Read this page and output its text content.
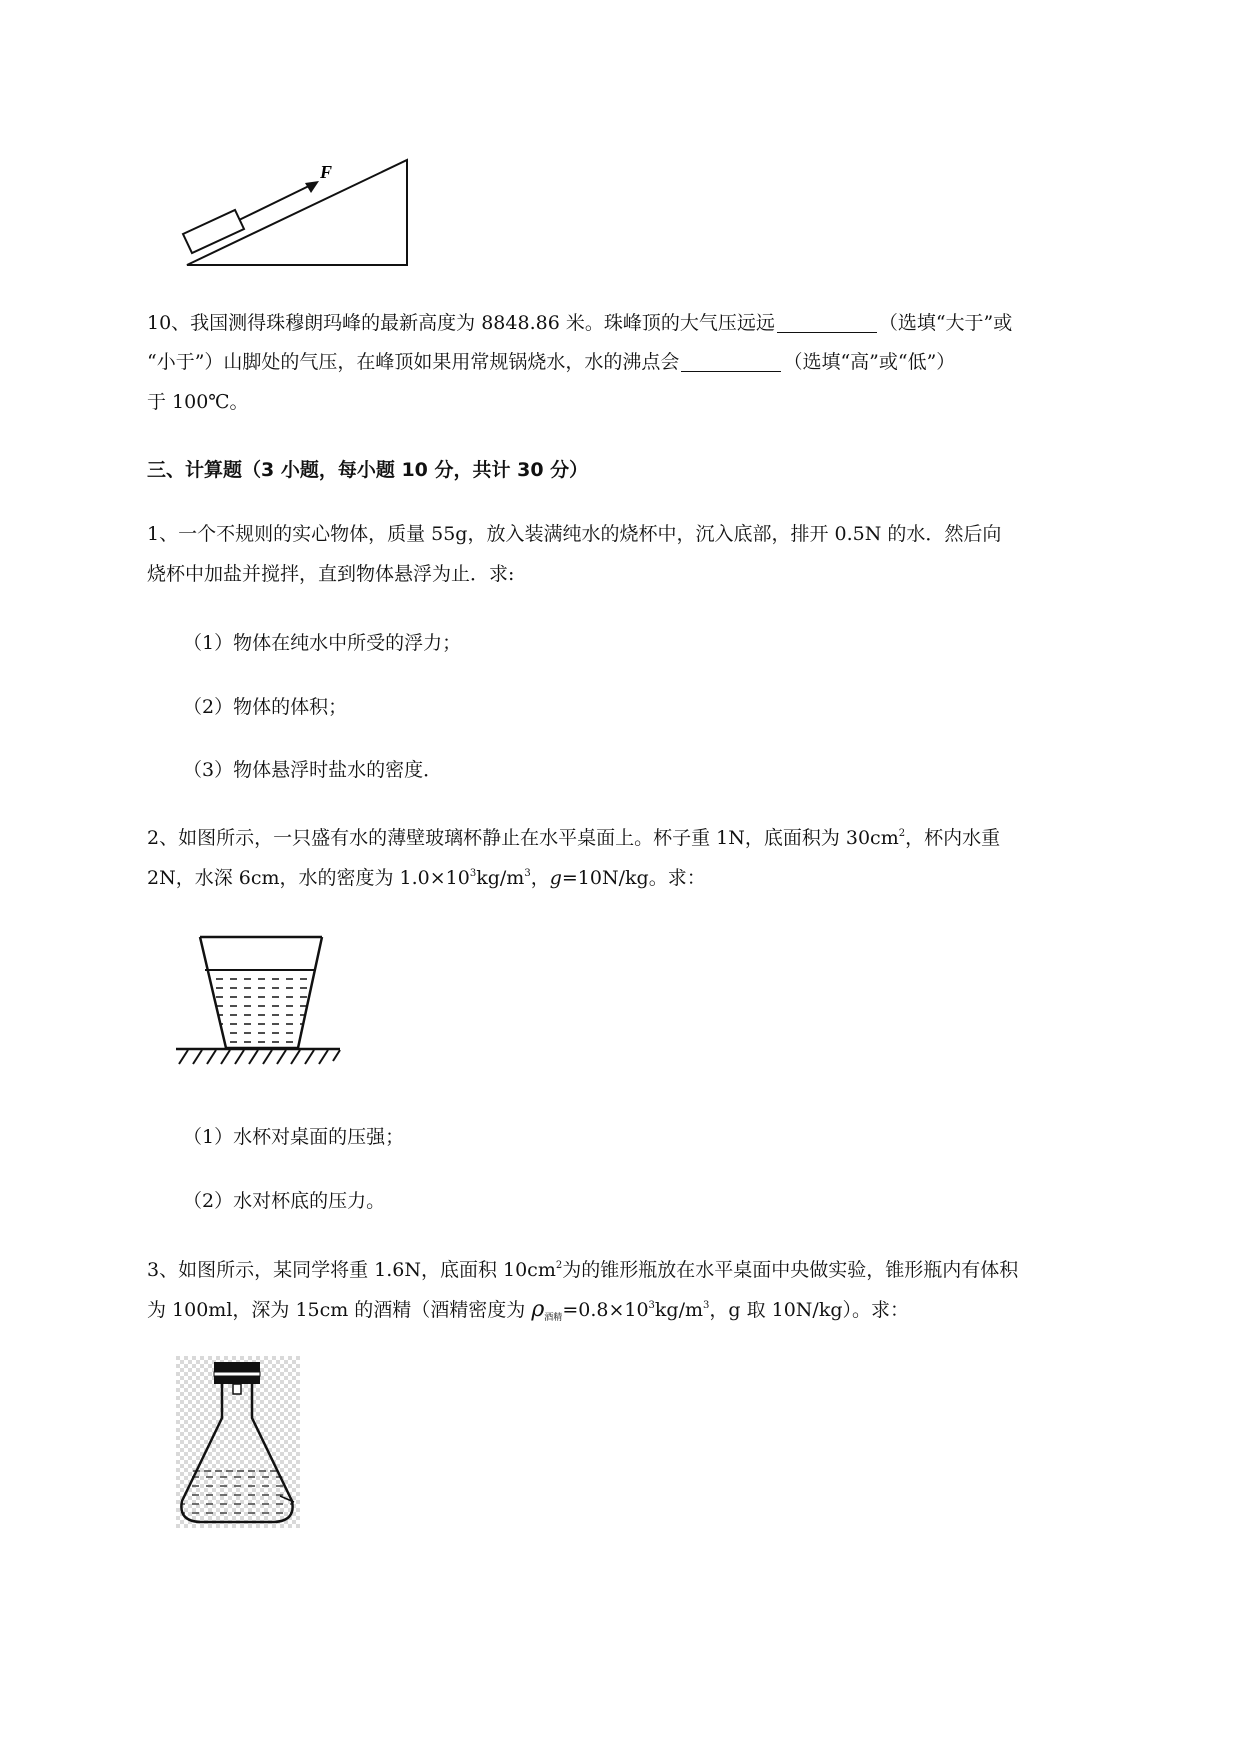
F
10、我国测得珠穆朗玛峰的最新高度为 8848.86 米。珠峰顶的大气压远远	（选填“大于”或
“小于”）山脚处的气压，在峰顶如果用常规锅烧水，水的沸点会	（选填“高”或“低”）
于 100℃。
三、计算题（3 小题，每小题 10 分，共计 30 分）
1、一个不规则的实心物体，质量 55g，放入装满纯水的烧杯中，沉入底部，排开 0.5N 的水．然后向
烧杯中加盐并搅拌，直到物体悬浮为止．求:
（1）物体在纯水中所受的浮力；
（2）物体的体积；
（3）物体悬浮时盐水的密度．
2、如图所示，一只盛有水的薄壁玻璃杯静止在水平桌面上。杯子重 1N，底面积为 $30cm^2$，杯内水重
2N，水深 6cm，水的密度为 $1.0\times 10^3kg/m^3$，g=10N/kg。求：
（1）水杯对桌面的压强；
（2）水对杯底的压力。
3、如图所示，某同学将重 1.6N，底面积 $10cm^2$为的锥形瓶放在水平桌面中央做实验，锥形瓶内有体积
为 100ml，深为 15cm 的酒精（酒精密度为 $\rho_{酒精}=0.8\times 10^3kg/m^3$，g 取 10N/kg）。求：
